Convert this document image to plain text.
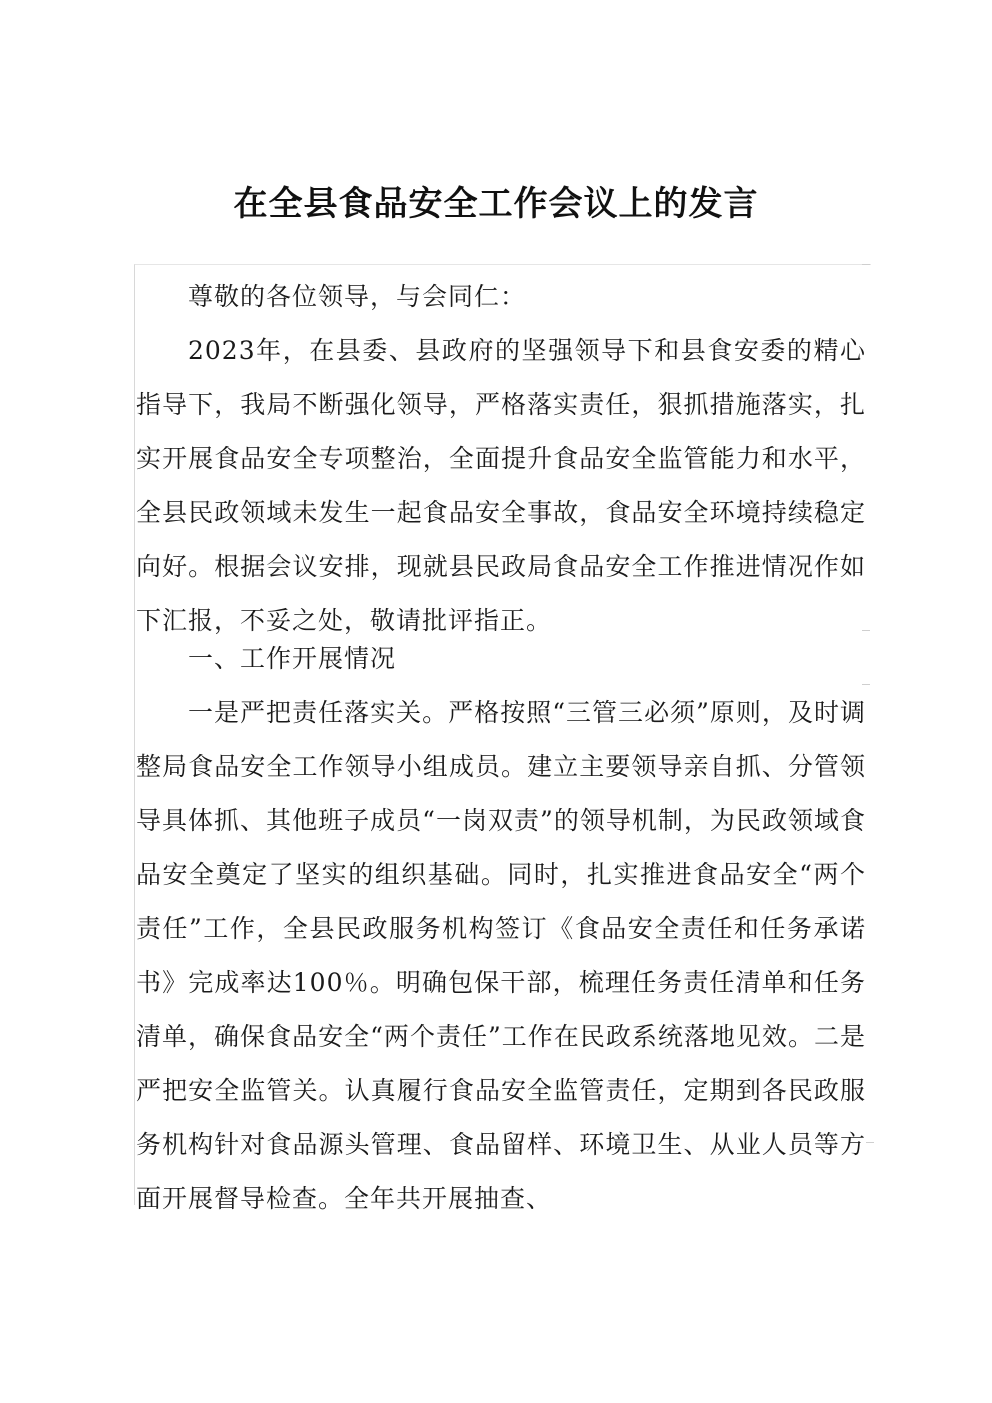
在全县食品安全工作会议上的发言

尊敬的各位领导，与会同仁：

2023年，在县委、县政府的坚强领导下和县食安委的精心指导下，我局不断强化领导，严格落实责任，狠抓措施落实，扎实开展食品安全专项整治，全面提升食品安全监管能力和水平，全县民政领域未发生一起食品安全事故，食品安全环境持续稳定向好。根据会议安排，现就县民政局食品安全工作推进情况作如下汇报，不妥之处，敬请批评指正。

一、工作开展情况

一是严把责任落实关。严格按照“三管三必须”原则，及时调整局食品安全工作领导小组成员。建立主要领导亲自抓、分管领导具体抓、其他班子成员“一岗双责”的领导机制，为民政领域食品安全奠定了坚实的组织基础。同时，扎实推进食品安全“两个责任”工作，全县民政服务机构签订《食品安全责任和任务承诺书》完成率达100％。明确包保干部，梳理任务责任清单和任务清单，确保食品安全“两个责任”工作在民政系统落地见效。二是严把安全监管关。认真履行食品安全监管责任，定期到各民政服务机构针对食品源头管理、食品留样、环境卫生、从业人员等方面开展督导检查。全年共开展抽查、
